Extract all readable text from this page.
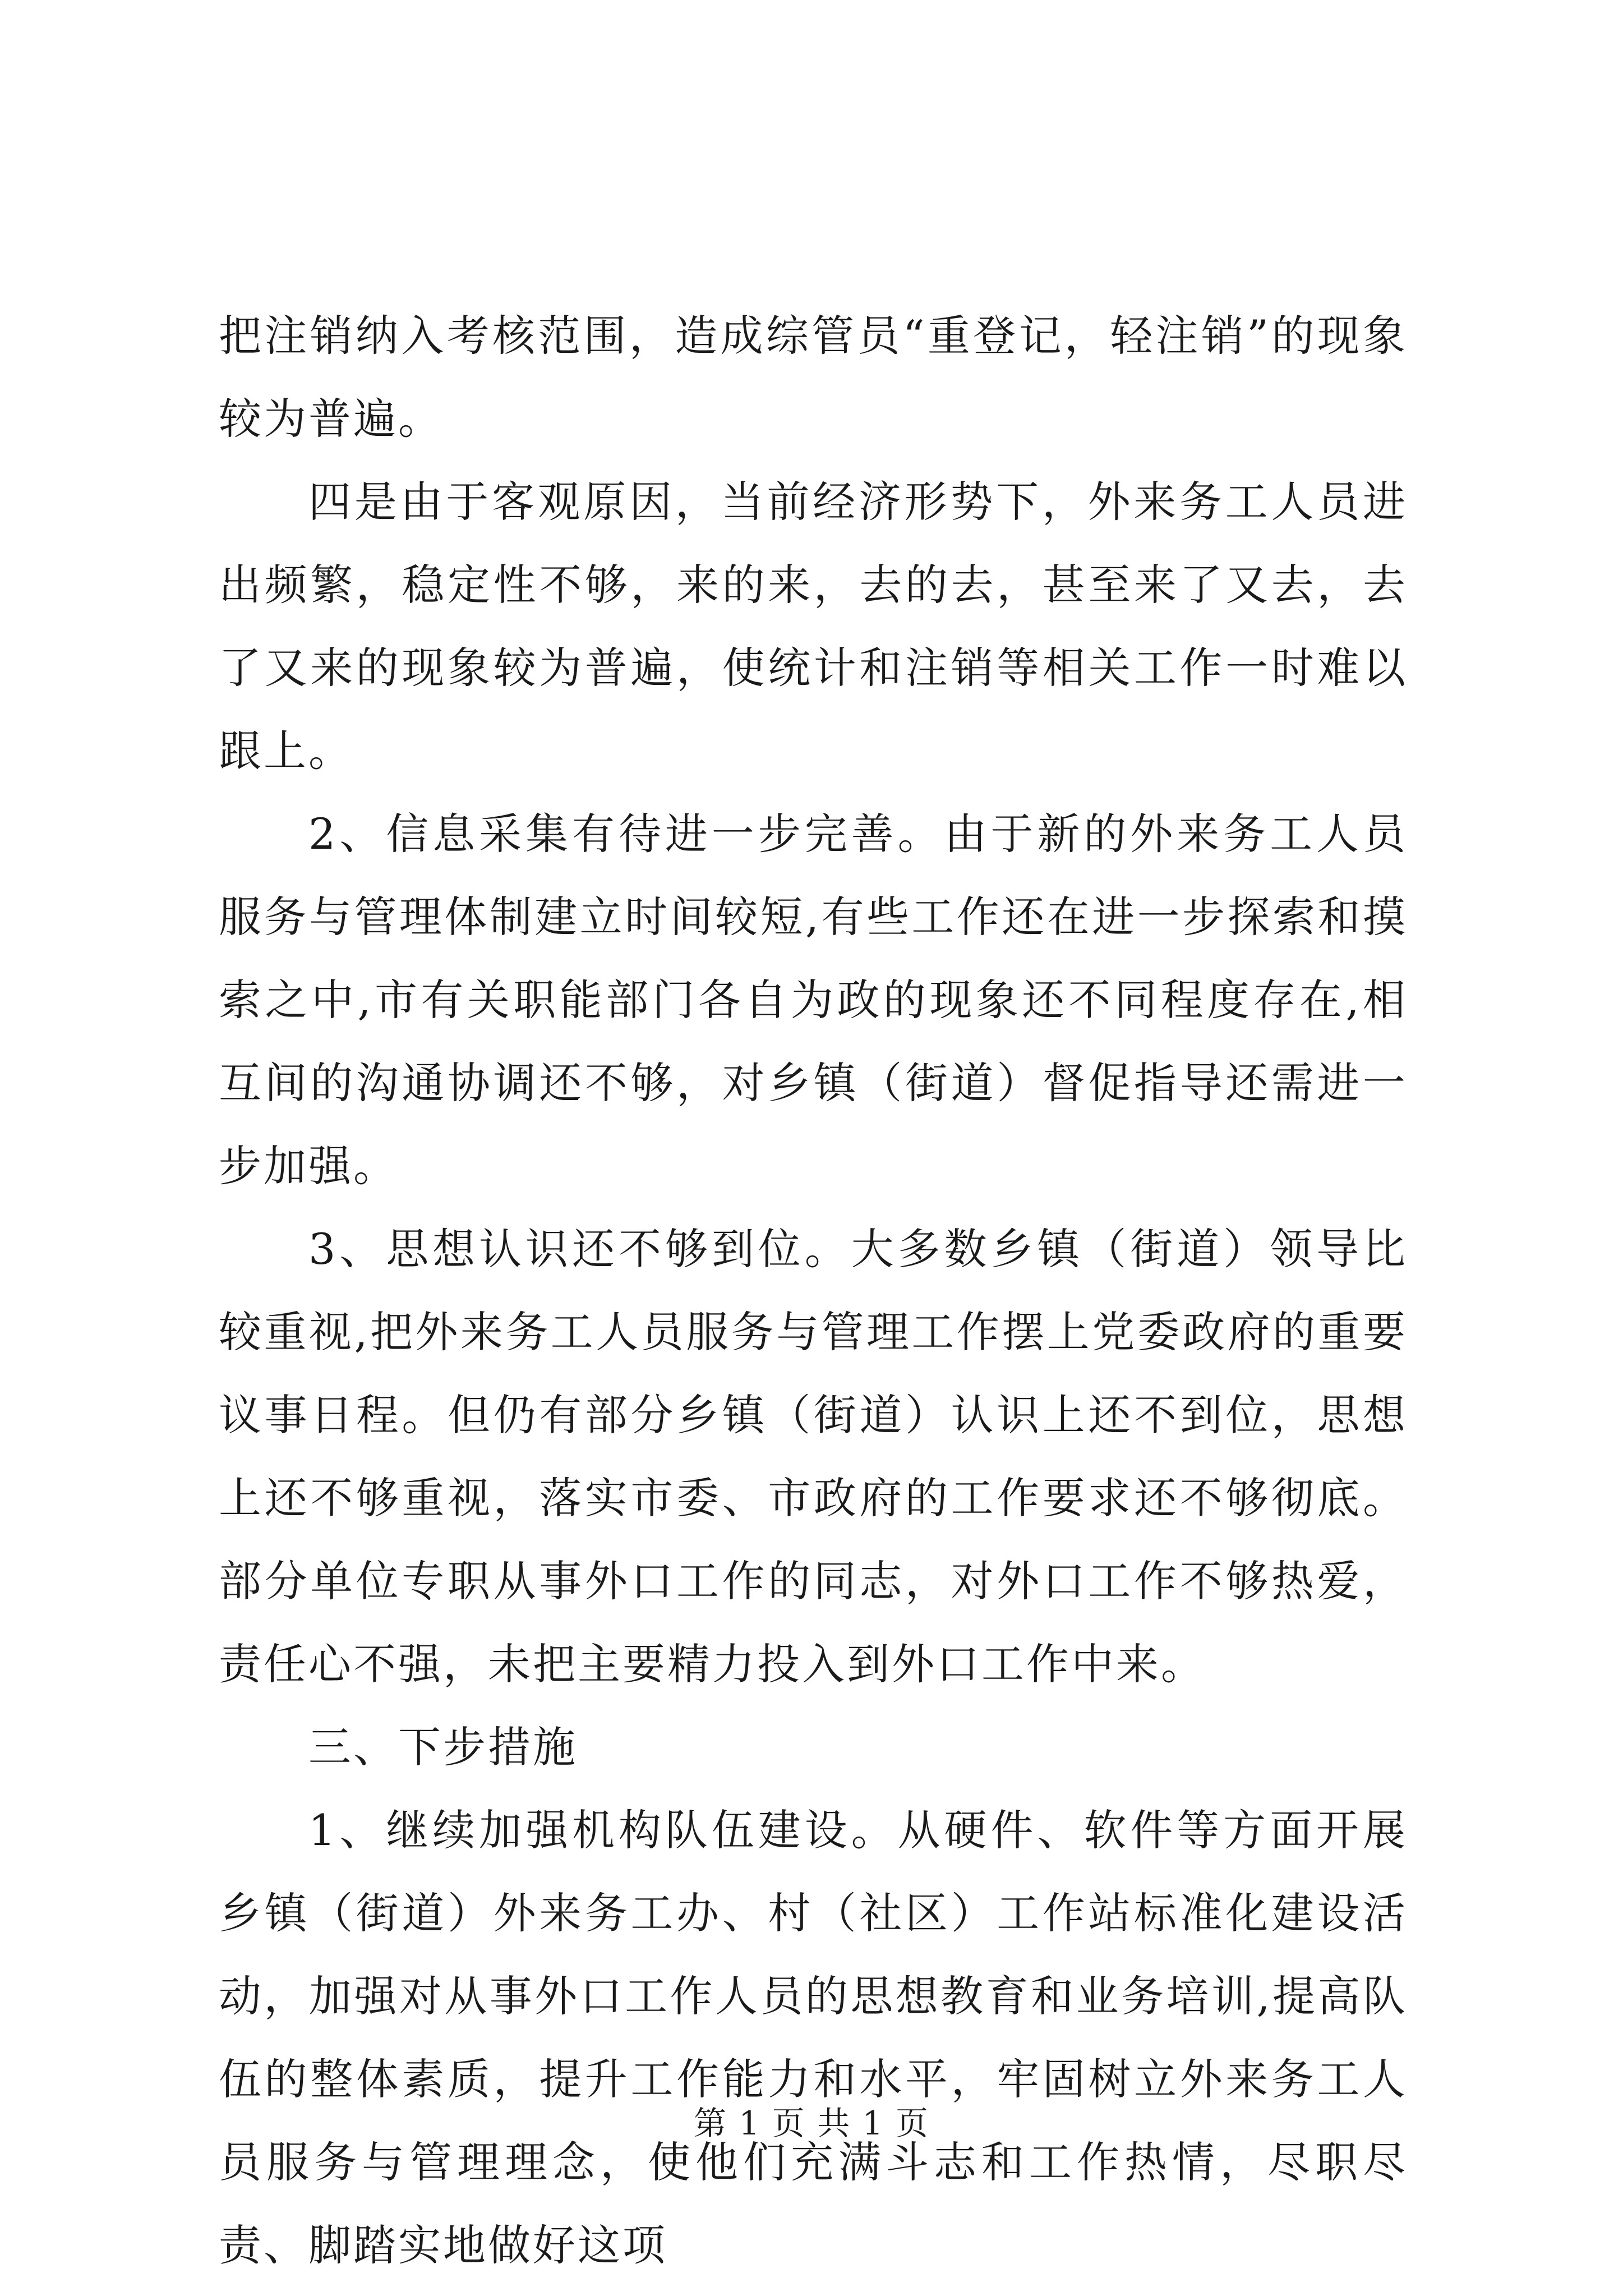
把注销纳入考核范围，造成综管员“重登记，轻注销”的现象较为普遍。

四是由于客观原因，当前经济形势下，外来务工人员进出频繁，稳定性不够，来的来，去的去，甚至来了又去，去了又来的现象较为普遍，使统计和注销等相关工作一时难以跟上。

2、信息采集有待进一步完善。由于新的外来务工人员服务与管理体制建立时间较短,有些工作还在进一步探索和摸索之中,市有关职能部门各自为政的现象还不同程度存在,相互间的沟通协调还不够，对乡镇（街道）督促指导还需进一步加强。

3、思想认识还不够到位。大多数乡镇（街道）领导比较重视,把外来务工人员服务与管理工作摆上党委政府的重要议事日程。但仍有部分乡镇（街道）认识上还不到位，思想上还不够重视，落实市委、市政府的工作要求还不够彻底。部分单位专职从事外口工作的同志，对外口工作不够热爱，责任心不强，未把主要精力投入到外口工作中来。

三、下步措施

1、继续加强机构队伍建设。从硬件、软件等方面开展乡镇（街道）外来务工办、村（社区）工作站标准化建设活动，加强对从事外口工作人员的思想教育和业务培训,提高队伍的整体素质，提升工作能力和水平，牢固树立外来务工人员服务与管理理念，使他们充满斗志和工作热情，尽职尽责、脚踏实地做好这项

第 1 页 共 1 页
